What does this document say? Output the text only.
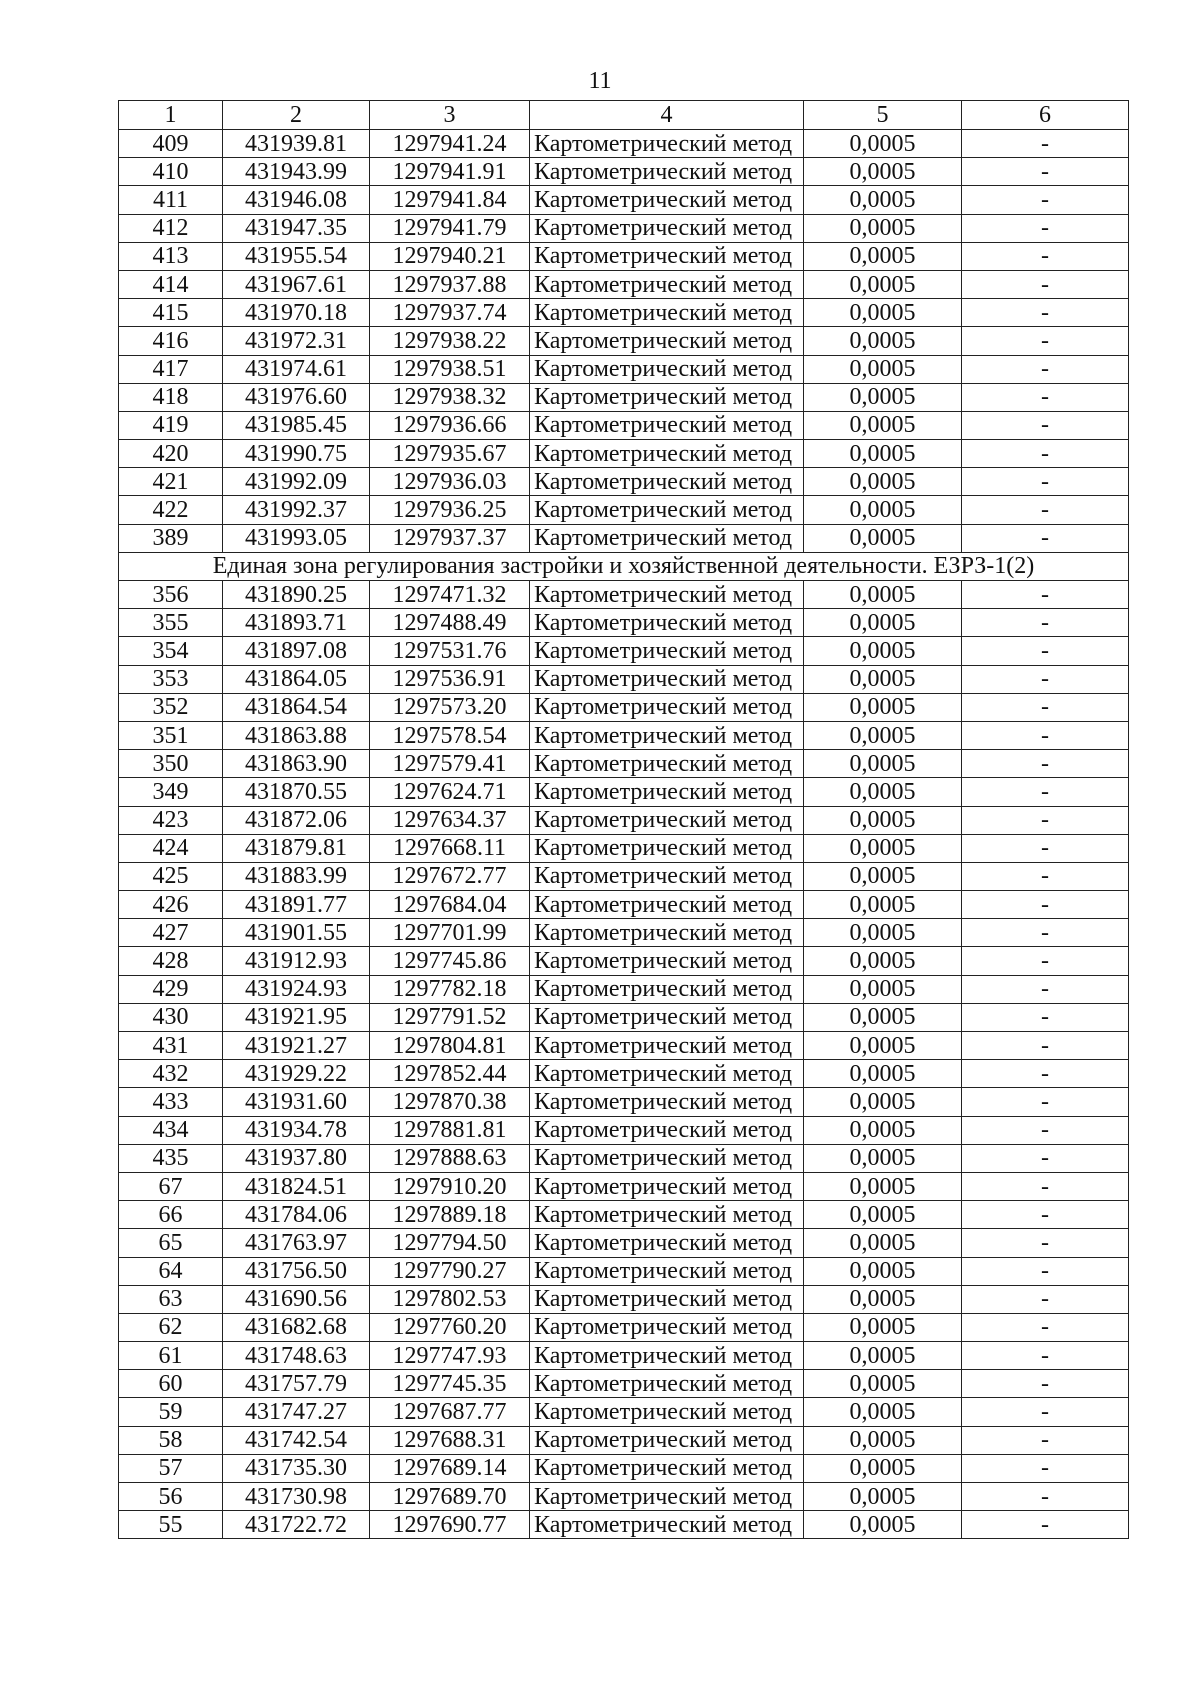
11
1	2	3	4	5	6
409	431939.81	1297941.24	Картометрический метод	0,0005	-
410	431943.99	1297941.91	Картометрический метод	0,0005	-
411	431946.08	1297941.84	Картометрический метод	0,0005	-
412	431947.35	1297941.79	Картометрический метод	0,0005	-
413	431955.54	1297940.21	Картометрический метод	0,0005	-
414	431967.61	1297937.88	Картометрический метод	0,0005	-
415	431970.18	1297937.74	Картометрический метод	0,0005	-
416	431972.31	1297938.22	Картометрический метод	0,0005	-
417	431974.61	1297938.51	Картометрический метод	0,0005	-
418	431976.60	1297938.32	Картометрический метод	0,0005	-
419	431985.45	1297936.66	Картометрический метод	0,0005	-
420	431990.75	1297935.67	Картометрический метод	0,0005	-
421	431992.09	1297936.03	Картометрический метод	0,0005	-
422	431992.37	1297936.25	Картометрический метод	0,0005	-
389	431993.05	1297937.37	Картометрический метод	0,0005	-
Единая зона регулирования застройки и хозяйственной деятельности. ЕЗРЗ-1(2)					
356	431890.25	1297471.32	Картометрический метод	0,0005	-
355	431893.71	1297488.49	Картометрический метод	0,0005	-
354	431897.08	1297531.76	Картометрический метод	0,0005	-
353	431864.05	1297536.91	Картометрический метод	0,0005	-
352	431864.54	1297573.20	Картометрический метод	0,0005	-
351	431863.88	1297578.54	Картометрический метод	0,0005	-
350	431863.90	1297579.41	Картометрический метод	0,0005	-
349	431870.55	1297624.71	Картометрический метод	0,0005	-
423	431872.06	1297634.37	Картометрический метод	0,0005	-
424	431879.81	1297668.11	Картометрический метод	0,0005	-
425	431883.99	1297672.77	Картометрический метод	0,0005	-
426	431891.77	1297684.04	Картометрический метод	0,0005	-
427	431901.55	1297701.99	Картометрический метод	0,0005	-
428	431912.93	1297745.86	Картометрический метод	0,0005	-
429	431924.93	1297782.18	Картометрический метод	0,0005	-
430	431921.95	1297791.52	Картометрический метод	0,0005	-
431	431921.27	1297804.81	Картометрический метод	0,0005	-
432	431929.22	1297852.44	Картометрический метод	0,0005	-
433	431931.60	1297870.38	Картометрический метод	0,0005	-
434	431934.78	1297881.81	Картометрический метод	0,0005	-
435	431937.80	1297888.63	Картометрический метод	0,0005	-
67	431824.51	1297910.20	Картометрический метод	0,0005	-
66	431784.06	1297889.18	Картометрический метод	0,0005	-
65	431763.97	1297794.50	Картометрический метод	0,0005	-
64	431756.50	1297790.27	Картометрический метод	0,0005	-
63	431690.56	1297802.53	Картометрический метод	0,0005	-
62	431682.68	1297760.20	Картометрический метод	0,0005	-
61	431748.63	1297747.93	Картометрический метод	0,0005	-
60	431757.79	1297745.35	Картометрический метод	0,0005	-
59	431747.27	1297687.77	Картометрический метод	0,0005	-
58	431742.54	1297688.31	Картометрический метод	0,0005	-
57	431735.30	1297689.14	Картометрический метод	0,0005	-
56	431730.98	1297689.70	Картометрический метод	0,0005	-
55	431722.72	1297690.77	Картометрический метод	0,0005	-
